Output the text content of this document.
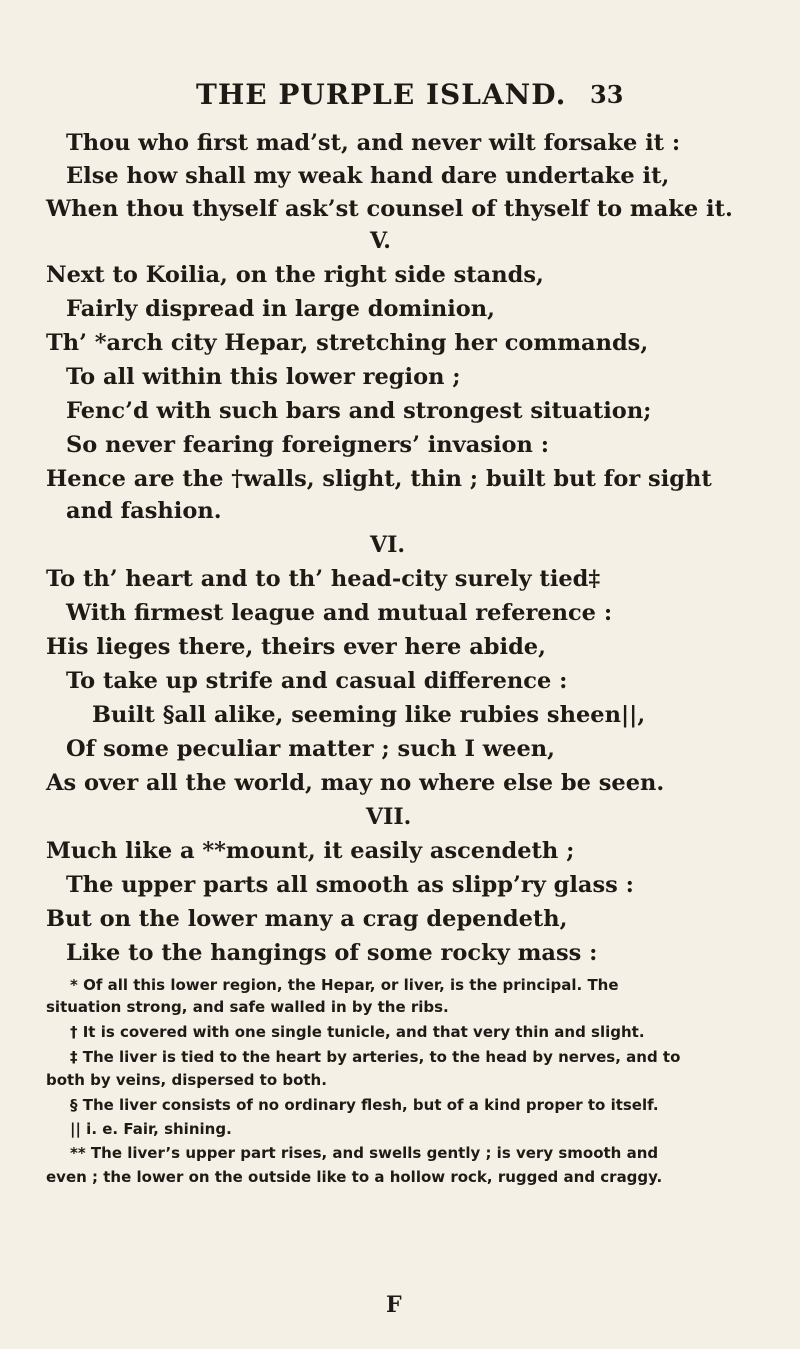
THE PURPLE ISLAND. 33
Thou who first mad’st, and never wilt forsake it :
Else how shall my weak hand dare undertake it,
When thou thyself ask’st counsel of thyself to make it.
V.
Next to Koilia, on the right side stands,
Fairly dispread in large dominion,
Th’ *arch city Hepar, stretching her commands,
To all within this lower region ;
Fenc’d with such bars and strongest situation;
So never fearing foreigners’ invasion :
Hence are the †walls, slight, thin ; built but for sight
and fashion.
VI.
To th’ heart and to th’ head-city surely tied‡
With firmest league and mutual reference :
His lieges there, theirs ever here abide,
To take up strife and casual difference :
Built §all alike, seeming like rubies sheen||,
Of some peculiar matter ; such I ween,
As over all the world, may no where else be seen.
VII.
Much like a **mount, it easily ascendeth ;
The upper parts all smooth as slipp’ry glass :
But on the lower many a crag dependeth,
Like to the hangings of some rocky mass :
* Of all this lower region, the Hepar, or liver, is the principal. The
situation strong, and safe walled in by the ribs.
† It is covered with one single tunicle, and that very thin and slight.
‡ The liver is tied to the heart by arteries, to the head by nerves, and to
both by veins, dispersed to both.
§ The liver consists of no ordinary flesh, but of a kind proper to itself.
|| i. e. Fair, shining.
** The liver’s upper part rises, and swells gently ; is very smooth and
even ; the lower on the outside like to a hollow rock, rugged and craggy.
F
